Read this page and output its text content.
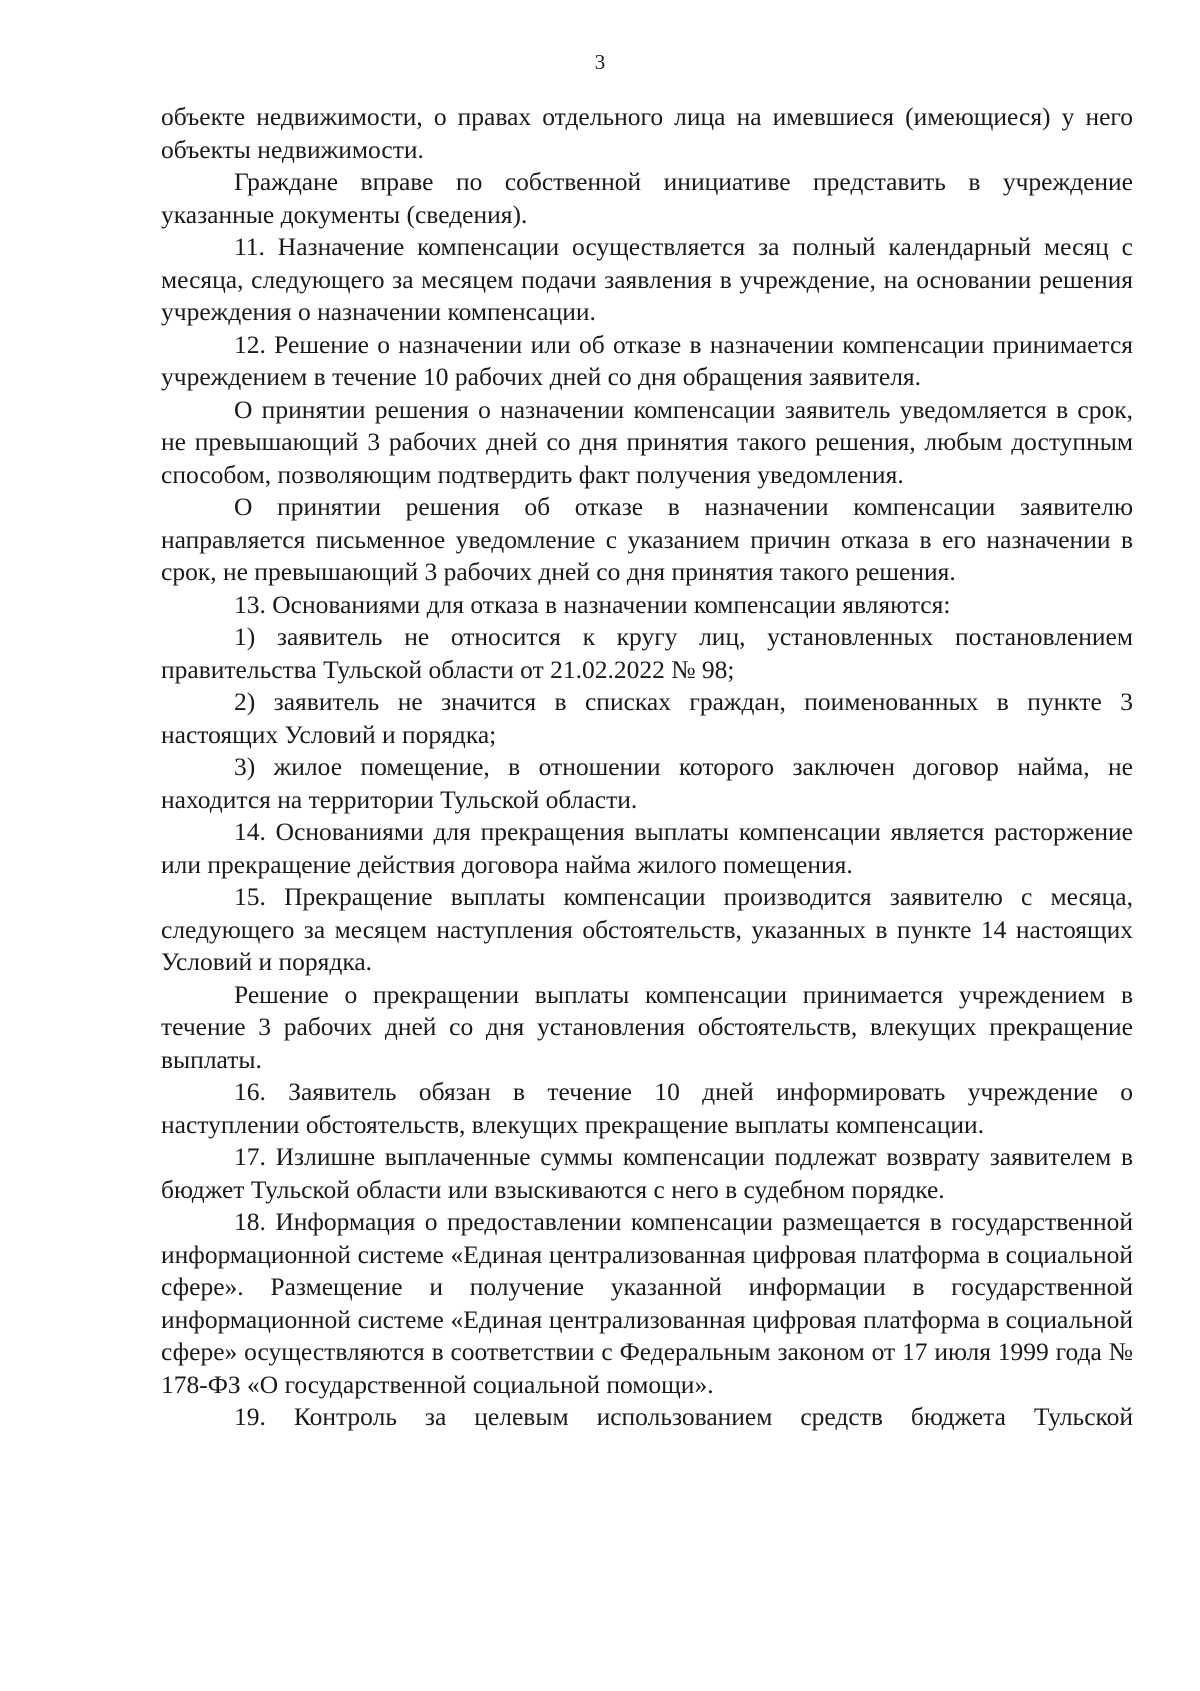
3

объекте недвижимости, о правах отдельного лица на имевшиеся (имеющиеся) у него объекты недвижимости.

Граждане вправе по собственной инициативе представить в учреждение указанные документы (сведения).

11. Назначение компенсации осуществляется за полный календарный месяц с месяца, следующего за месяцем подачи заявления в учреждение, на основании решения учреждения о назначении компенсации.

12. Решение о назначении или об отказе в назначении компенсации принимается учреждением в течение 10 рабочих дней со дня обращения заявителя.

О принятии решения о назначении компенсации заявитель уведомляется в срок, не превышающий 3 рабочих дней со дня принятия такого решения, любым доступным способом, позволяющим подтвердить факт получения уведомления.

О принятии решения об отказе в назначении компенсации заявителю направляется письменное уведомление с указанием причин отказа в его назначении в срок, не превышающий 3 рабочих дней со дня принятия такого решения.

13. Основаниями для отказа в назначении компенсации являются:

1) заявитель не относится к кругу лиц, установленных постановлением правительства Тульской области от 21.02.2022 № 98;

2) заявитель не значится в списках граждан, поименованных в пункте 3 настоящих Условий и порядка;

3) жилое помещение, в отношении которого заключен договор найма, не находится на территории Тульской области.

14. Основаниями для прекращения выплаты компенсации является расторжение или прекращение действия договора найма жилого помещения.

15. Прекращение выплаты компенсации производится заявителю с месяца, следующего за месяцем наступления обстоятельств, указанных в пункте 14 настоящих Условий и порядка.

Решение о прекращении выплаты компенсации принимается учреждением в течение 3 рабочих дней со дня установления обстоятельств, влекущих прекращение выплаты.

16. Заявитель обязан в течение 10 дней информировать учреждение о наступлении обстоятельств, влекущих прекращение выплаты компенсации.

17. Излишне выплаченные суммы компенсации подлежат возврату заявителем в бюджет Тульской области или взыскиваются с него в судебном порядке.

18. Информация о предоставлении компенсации размещается в государственной информационной системе «Единая централизованная цифровая платформа в социальной сфере». Размещение и получение указанной информации в государственной информационной системе «Единая централизованная цифровая платформа в социальной сфере» осуществляются в соответствии с Федеральным законом от 17 июля 1999 года № 178-ФЗ «О государственной социальной помощи».

19. Контроль за целевым использованием средств бюджета Тульской
